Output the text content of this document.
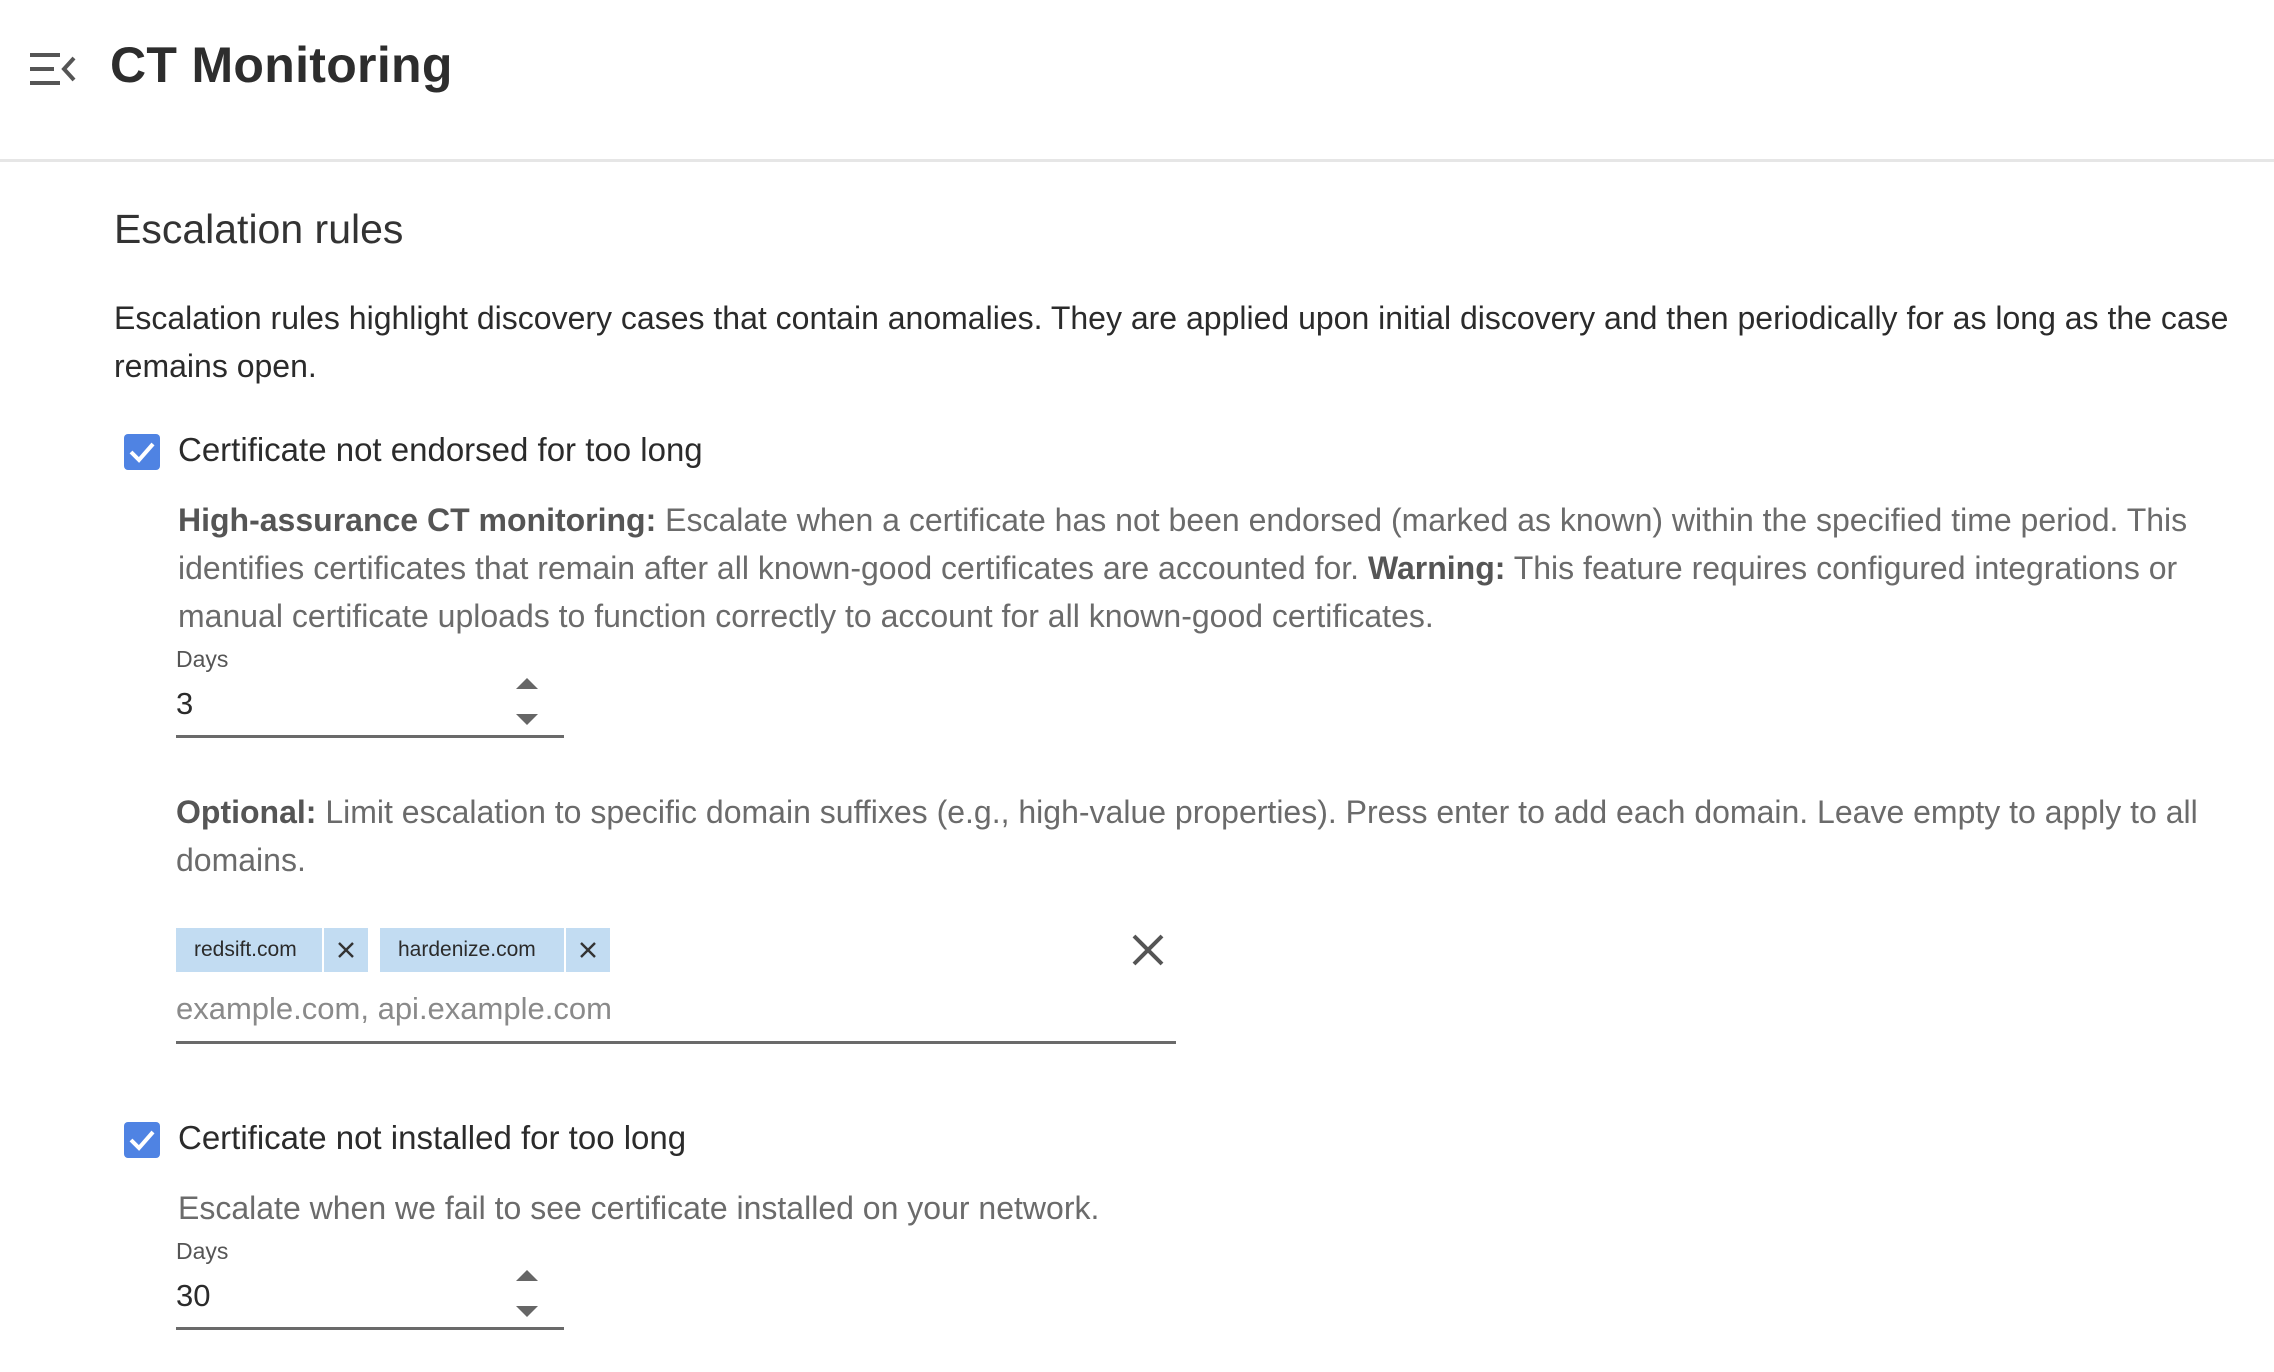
CT Monitoring
Escalation rules
Escalation rules highlight discovery cases that contain anomalies. They are applied upon initial discovery and then periodically for as long as the case remains open.
Certificate not endorsed for too long
High-assurance CT monitoring: Escalate when a certificate has not been endorsed (marked as known) within the specified time period. This identifies certificates that remain after all known-good certificates are accounted for. Warning: This feature requires configured integrations or manual certificate uploads to function correctly to account for all known-good certificates.
Days
3
Optional: Limit escalation to specific domain suffixes (e.g., high-value properties). Press enter to add each domain. Leave empty to apply to all domains.
redsift.com	hardenize.com
example.com, api.example.com
Certificate not installed for too long
Escalate when we fail to see certificate installed on your network.
Days
30
